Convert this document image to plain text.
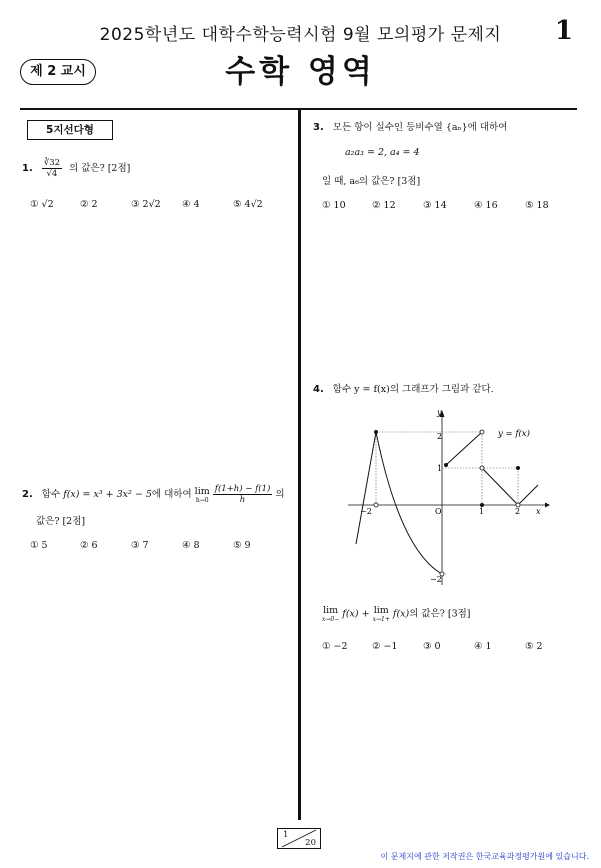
2025학년도 대학수학능력시험 9월 모의평가 문제지	1
제 2 교시	수학 영역
5지선다형
1. $\frac{∛32}{√4}$ 의 값은? [2점]
① √2	② 2	③ 2√2	④ 4	⑤ 4√2
2. 함수 f(x) = x³ + 3x² − 5에 대하여 lim
h→0
$\frac{f(1+h) - f(1)}{h}$ 의
값은? [2점]
① 5	② 6	③ 7	④ 8	⑤ 9
3. 모든 항이 실수인 등비수열 {aₙ}에 대하여
a₂a₃ = 2, a₄ = 4
일 때, a₆의 값은? [3점]
① 10	② 12	③ 14	④ 16	⑤ 18
4. 함수 y = f(x)의 그래프가 그림과 같다.
y
x
O
−2	1	2
2
1
−2
y = f(x)
lim
x→0− f(x) + lim
x→1+ f(x)의 값은? [3점]
① −2	② −1	③ 0	④ 1	⑤ 2
1
20
이 문제지에 관한 저작권은 한국교육과정평가원에 있습니다.
